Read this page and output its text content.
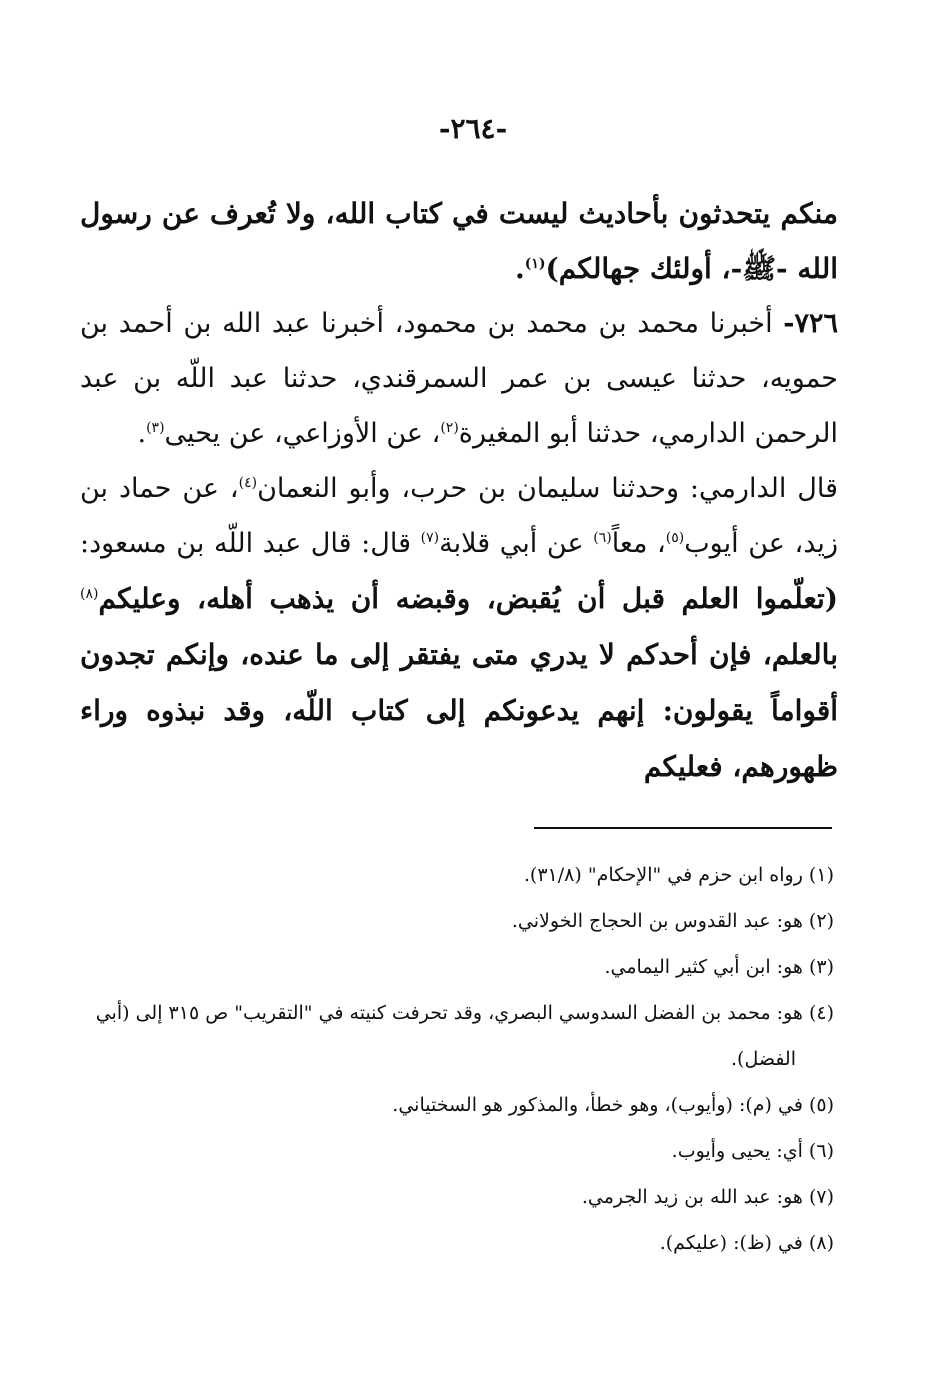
-٢٦٤-

منكم يتحدثون بأحاديث ليست في كتاب الله، ولا تُعرف عن رسول الله -ﷺ-، أولئك جهالكم)$^{(١)}$.

٧٢٦- أخبرنا محمد بن محمد بن محمود، أخبرنا عبد الله بن أحمد بن حمويه، حدثنا عيسى بن عمر السمرقندي، حدثنا عبد اللّه بن عبد الرحمن الدارمي، حدثنا أبو المغيرة$^{(٢)}$، عن الأوزاعي، عن يحيى$^{(٣)}$.

قال الدارمي: وحدثنا سليمان بن حرب، وأبو النعمان$^{(٤)}$، عن حماد بن زيد، عن أيوب$^{(٥)}$، معاً$^{(٦)}$ عن أبي قلابة$^{(٧)}$ قال: قال عبد اللّه بن مسعود: (تعلّموا العلم قبل أن يُقبض، وقبضه أن يذهب أهله، وعليكم$^{(٨)}$ بالعلم، فإن أحدكم لا يدري متى يفتقر إلى ما عنده، وإنكم تجدون أقواماً يقولون: إنهم يدعونكم إلى كتاب اللّه، وقد نبذوه وراء ظهورهم، فعليكم

(١) رواه ابن حزم في "الإحكام" (٣١/٨).

(٢) هو: عبد القدوس بن الحجاج الخولاني.

(٣) هو: ابن أبي كثير اليمامي.

(٤) هو: محمد بن الفضل السدوسي البصري، وقد تحرفت كنيته في "التقريب" ص ٣١٥ إلى (أبي

الفضل).

(٥) في (م): (وأيوب)، وهو خطأ، والمذكور هو السختياني.

(٦) أي: يحيى وأيوب.

(٧) هو: عبد الله بن زيد الجرمي.

(٨) في (ظ): (عليكم).
